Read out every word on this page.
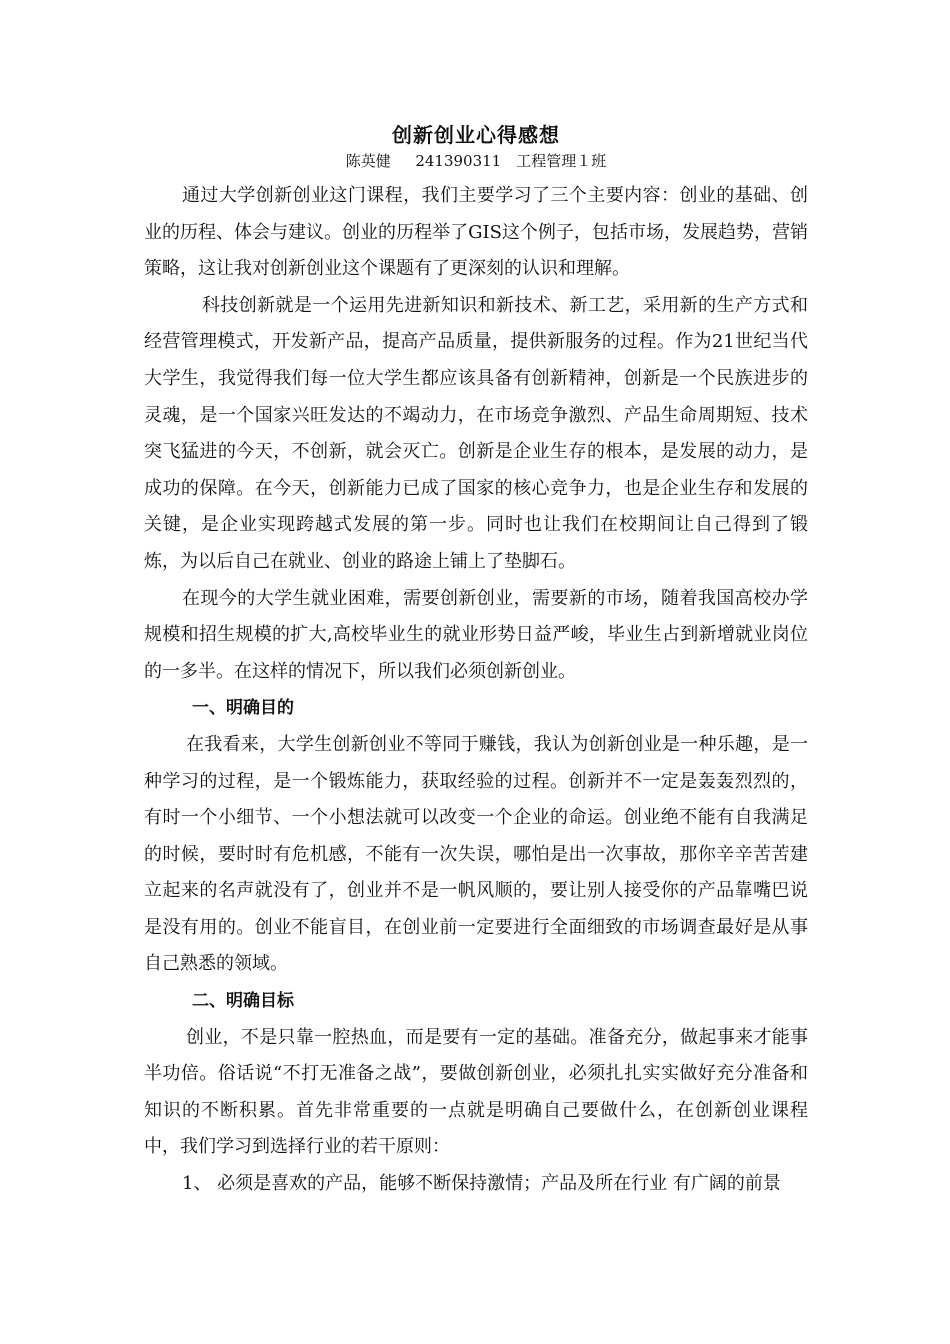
创新创业心得感想

陈英健　  241390311　工程管理１班

通过大学创新创业这门课程，我们主要学习了三个主要内容：创业的基础、创业的历程、体会与建议。创业的历程举了GIS这个例子，包括市场，发展趋势，营销策略，这让我对创新创业这个课题有了更深刻的认识和理解。

科技创新就是一个运用先进新知识和新技术、新工艺，采用新的生产方式和经营管理模式，开发新产品，提高产品质量，提供新服务的过程。作为21世纪当代大学生，我觉得我们每一位大学生都应该具备有创新精神，创新是一个民族进步的灵魂，是一个国家兴旺发达的不竭动力，在市场竞争激烈、产品生命周期短、技术突飞猛进的今天，不创新，就会灭亡。创新是企业生存的根本，是发展的动力，是成功的保障。在今天，创新能力已成了国家的核心竞争力，也是企业生存和发展的关键，是企业实现跨越式发展的第一步。同时也让我们在校期间让自己得到了锻炼，为以后自己在就业、创业的路途上铺上了垫脚石。

在现今的大学生就业困难，需要创新创业，需要新的市场，随着我国高校办学规模和招生规模的扩大,高校毕业生的就业形势日益严峻，毕业生占到新增就业岗位的一多半。在这样的情况下，所以我们必须创新创业。

一、明确目的

在我看来，大学生创新创业不等同于赚钱，我认为创新创业是一种乐趣，是一种学习的过程，是一个锻炼能力，获取经验的过程。创新并不一定是轰轰烈烈的，有时一个小细节、一个小想法就可以改变一个企业的命运。创业绝不能有自我满足的时候，要时时有危机感，不能有一次失误，哪怕是出一次事故，那你辛辛苦苦建立起来的名声就没有了，创业并不是一帆风顺的，要让别人接受你的产品靠嘴巴说是没有用的。创业不能盲目，在创业前一定要进行全面细致的市场调查最好是从事自己熟悉的领域。

二、明确目标

创业，不是只靠一腔热血，而是要有一定的基础。准备充分，做起事来才能事半功倍。俗话说“不打无准备之战”，要做创新创业，必须扎扎实实做好充分准备和知识的不断积累。首先非常重要的一点就是明确自己要做什么，在创新创业课程中，我们学习到选择行业的若干原则：

1、 必须是喜欢的产品，能够不断保持激情；产品及所在行业 有广阔的前景
